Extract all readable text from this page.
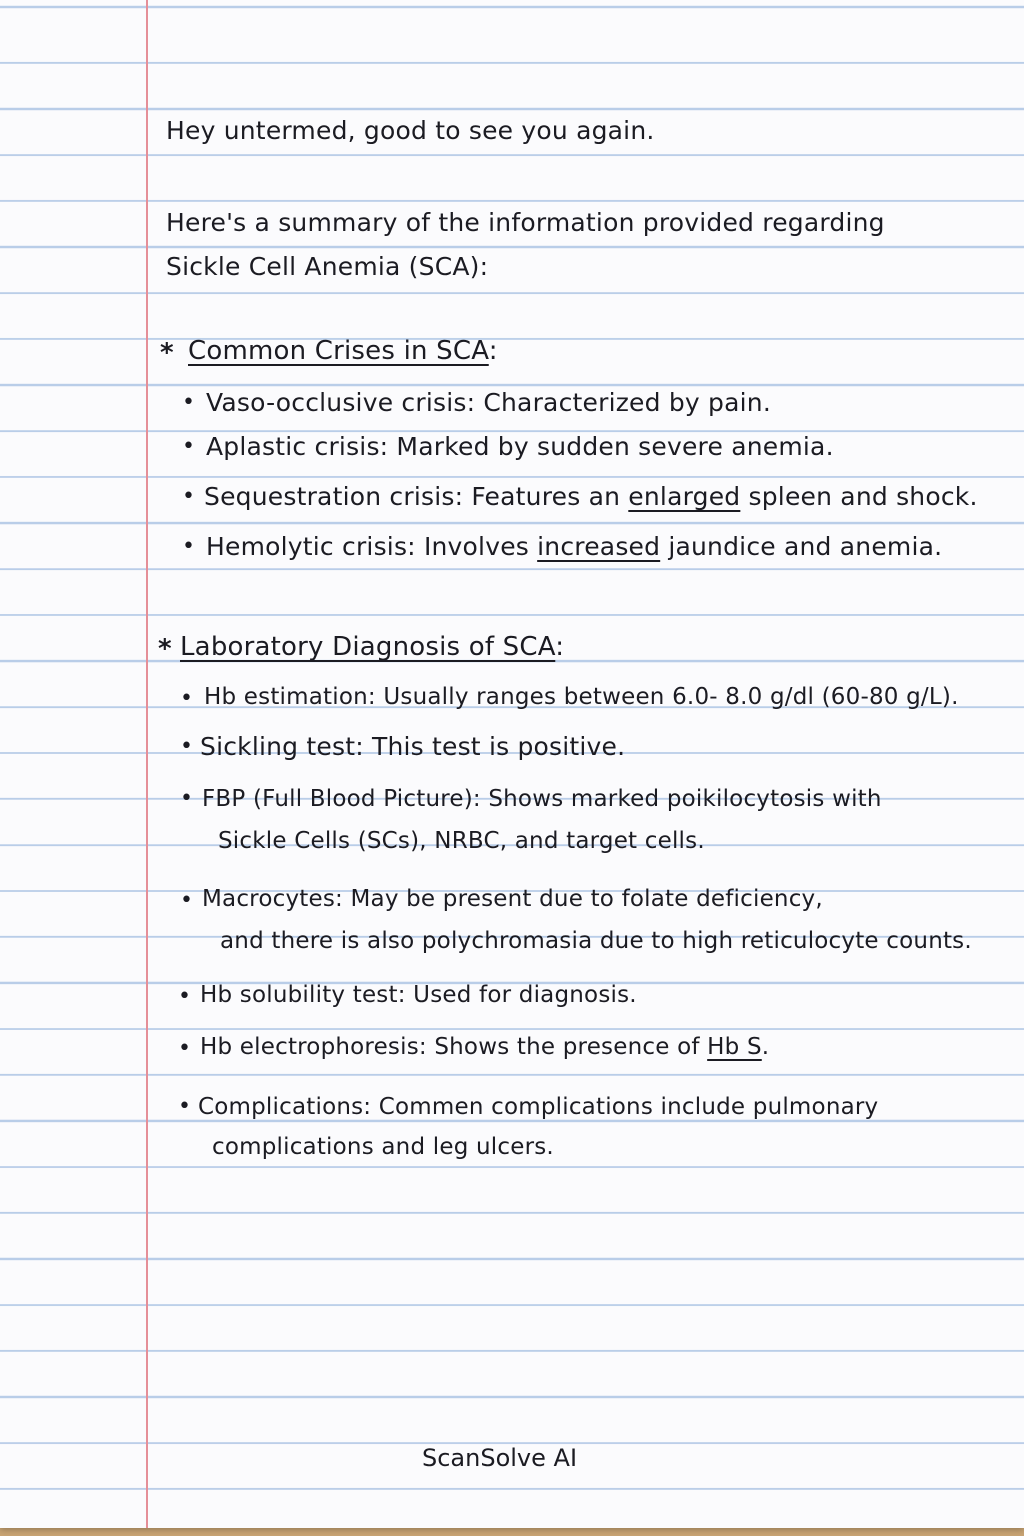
Hey untermed, good to see you again.
Here's a summary of the information provided regarding
Sickle Cell Anemia (SCA):
* Common Crises in SCA:
• Vaso-occlusive crisis: Characterized by pain.
• Aplastic crisis: Marked by sudden severe anemia.
• Sequestration crisis: Features an enlarged spleen and shock.
• Hemolytic crisis: Involves increased jaundice and anemia.
* Laboratory Diagnosis of SCA:
• Hb estimation: Usually ranges between 6.0- 8.0 g/dl (60-80 g/L).
• Sickling test: This test is positive.
• FBP (Full Blood Picture): Shows marked poikilocytosis with
Sickle Cells (SCs), NRBC, and target cells.
• Macrocytes: May be present due to folate deficiency,
and there is also polychromasia due to high reticulocyte counts.
• Hb solubility test: Used for diagnosis.
• Hb electrophoresis: Shows the presence of Hb S.
• Complications: Commen complications include pulmonary
complications and leg ulcers.
ScanSolve AI
